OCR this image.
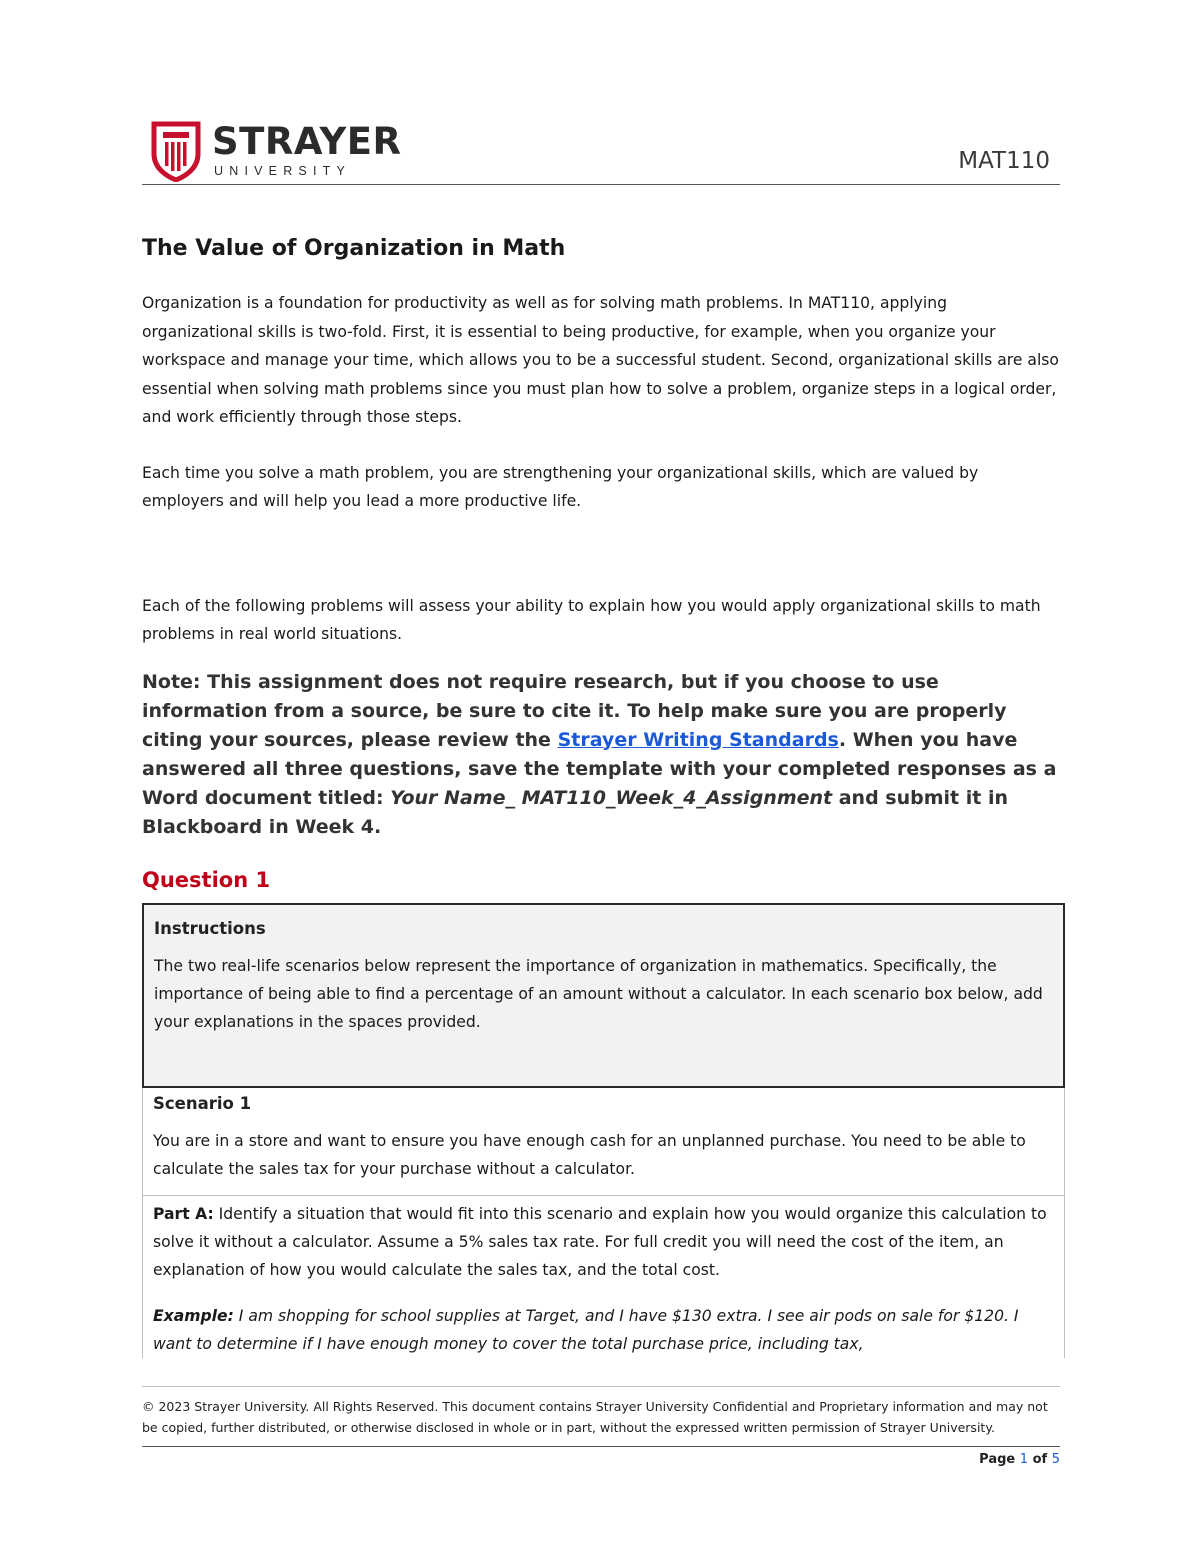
STRAYER
UNIVERSITY	MAT110
The Value of Organization in Math

Organization is a foundation for productivity as well as for solving math problems. In MAT110, applying organizational skills is two-fold. First, it is essential to being productive, for example, when you organize your workspace and manage your time, which allows you to be a successful student. Second, organizational skills are also essential when solving math problems since you must plan how to solve a problem, organize steps in a logical order, and work efficiently through those steps.

Each time you solve a math problem, you are strengthening your organizational skills, which are valued by employers and will help you lead a more productive life.

Each of the following problems will assess your ability to explain how you would apply organizational skills to math problems in real world situations.

Note: This assignment does not require research, but if you choose to use information from a source, be sure to cite it. To help make sure you are properly citing your sources, please review the Strayer Writing Standards. When you have answered all three questions, save the template with your completed responses as a Word document titled: Your Name_ MAT110_Week_4_Assignment and submit it in Blackboard in Week 4.
Question 1
Instructions

The two real-life scenarios below represent the importance of organization in mathematics. Specifically, the importance of being able to find a percentage of an amount without a calculator. In each scenario box below, add your explanations in the spaces provided.

Scenario 1

You are in a store and want to ensure you have enough cash for an unplanned purchase. You need to be able to calculate the sales tax for your purchase without a calculator.

Part A: Identify a situation that would fit into this scenario and explain how you would organize this calculation to solve it without a calculator. Assume a 5% sales tax rate. For full credit you will need the cost of the item, an explanation of how you would calculate the sales tax, and the total cost.

Example: I am shopping for school supplies at Target, and I have $130 extra. I see air pods on sale for $120. I want to determine if I have enough money to cover the total purchase price, including tax,
© 2023 Strayer University. All Rights Reserved. This document contains Strayer University Confidential and Proprietary information and may not be copied, further distributed, or otherwise disclosed in whole or in part, without the expressed written permission of Strayer University.
Page 1 of 5
